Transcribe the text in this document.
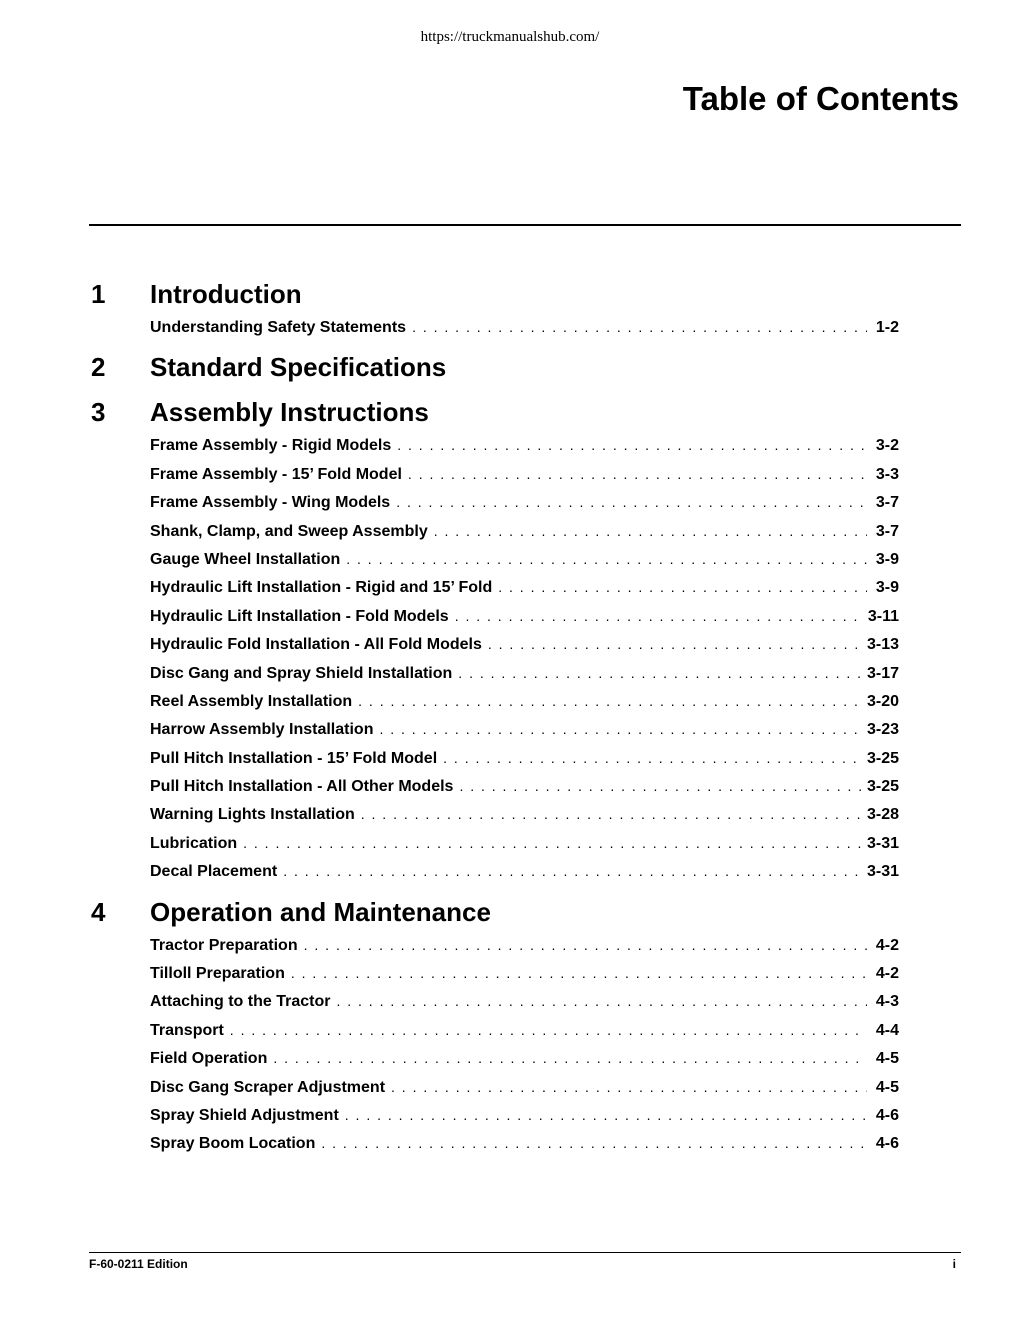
https://truckmanualshub.com/
Table of Contents
1	Introduction
Understanding Safety Statements . . .	1-2
2	Standard Specifications
3	Assembly Instructions
Frame Assembly - Rigid Models . . .	3-2
Frame Assembly - 15’ Fold Model . . .	3-3
Frame Assembly - Wing Models . . .	3-7
Shank, Clamp, and Sweep Assembly . . .	3-7
Gauge Wheel Installation . . .	3-9
Hydraulic Lift Installation - Rigid and 15’ Fold . . .	3-9
Hydraulic Lift Installation - Fold Models . . .	3-11
Hydraulic Fold Installation - All Fold Models . . .	3-13
Disc Gang and Spray Shield Installation . . .	3-17
Reel Assembly Installation . . .	3-20
Harrow Assembly Installation . . .	3-23
Pull Hitch Installation - 15’ Fold Model . . .	3-25
Pull Hitch Installation - All Other Models . . .	3-25
Warning Lights Installation . . .	3-28
Lubrication . . .	3-31
Decal Placement . . .	3-31
4	Operation and Maintenance
Tractor Preparation . . .	4-2
Tilloll Preparation . . .	4-2
Attaching to the Tractor . . .	4-3
Transport . . .	4-4
Field Operation . . .	4-5
Disc Gang Scraper Adjustment . . .	4-5
Spray Shield Adjustment . . .	4-6
Spray Boom Location . . .	4-6
F-60-0211 Edition	i
